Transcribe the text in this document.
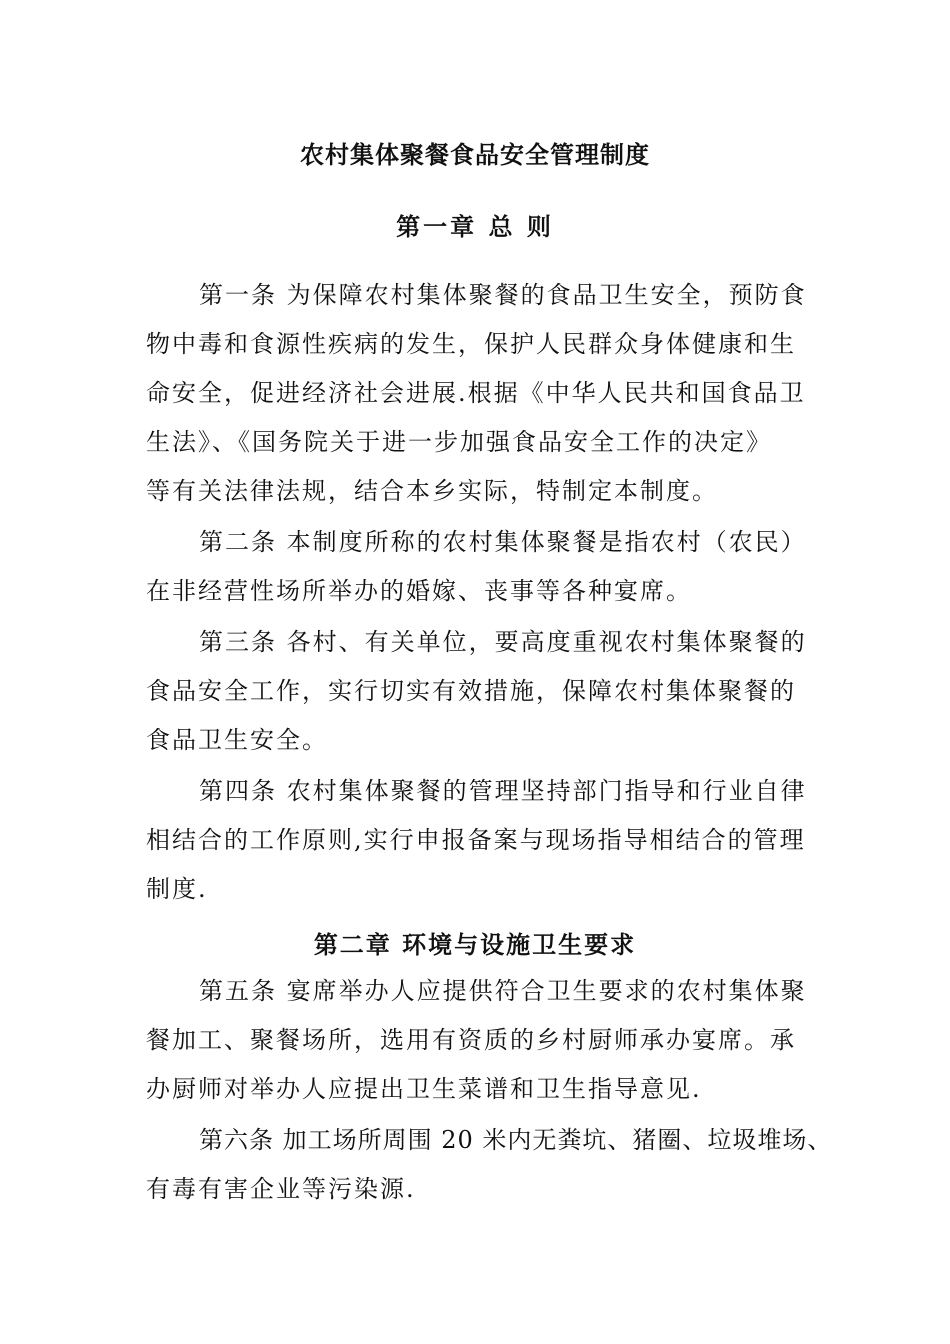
农村集体聚餐食品安全管理制度
第一章 总 则
第一条 为保障农村集体聚餐的食品卫生安全，预防食
物中毒和食源性疾病的发生，保护人民群众身体健康和生
命安全，促进经济社会进展.根据《中华人民共和国食品卫
生法》、《国务院关于进一步加强食品安全工作的决定》
等有关法律法规，结合本乡实际，特制定本制度。
第二条 本制度所称的农村集体聚餐是指农村（农民）
在非经营性场所举办的婚嫁、丧事等各种宴席。
第三条 各村、有关单位，要高度重视农村集体聚餐的
食品安全工作，实行切实有效措施，保障农村集体聚餐的
食品卫生安全。
第四条 农村集体聚餐的管理坚持部门指导和行业自律
相结合的工作原则,实行申报备案与现场指导相结合的管理
制度.
第二章 环境与设施卫生要求
第五条 宴席举办人应提供符合卫生要求的农村集体聚
餐加工、聚餐场所，选用有资质的乡村厨师承办宴席。承
办厨师对举办人应提出卫生菜谱和卫生指导意见.
第六条 加工场所周围 20 米内无粪坑、猪圈、垃圾堆场、
有毒有害企业等污染源.
